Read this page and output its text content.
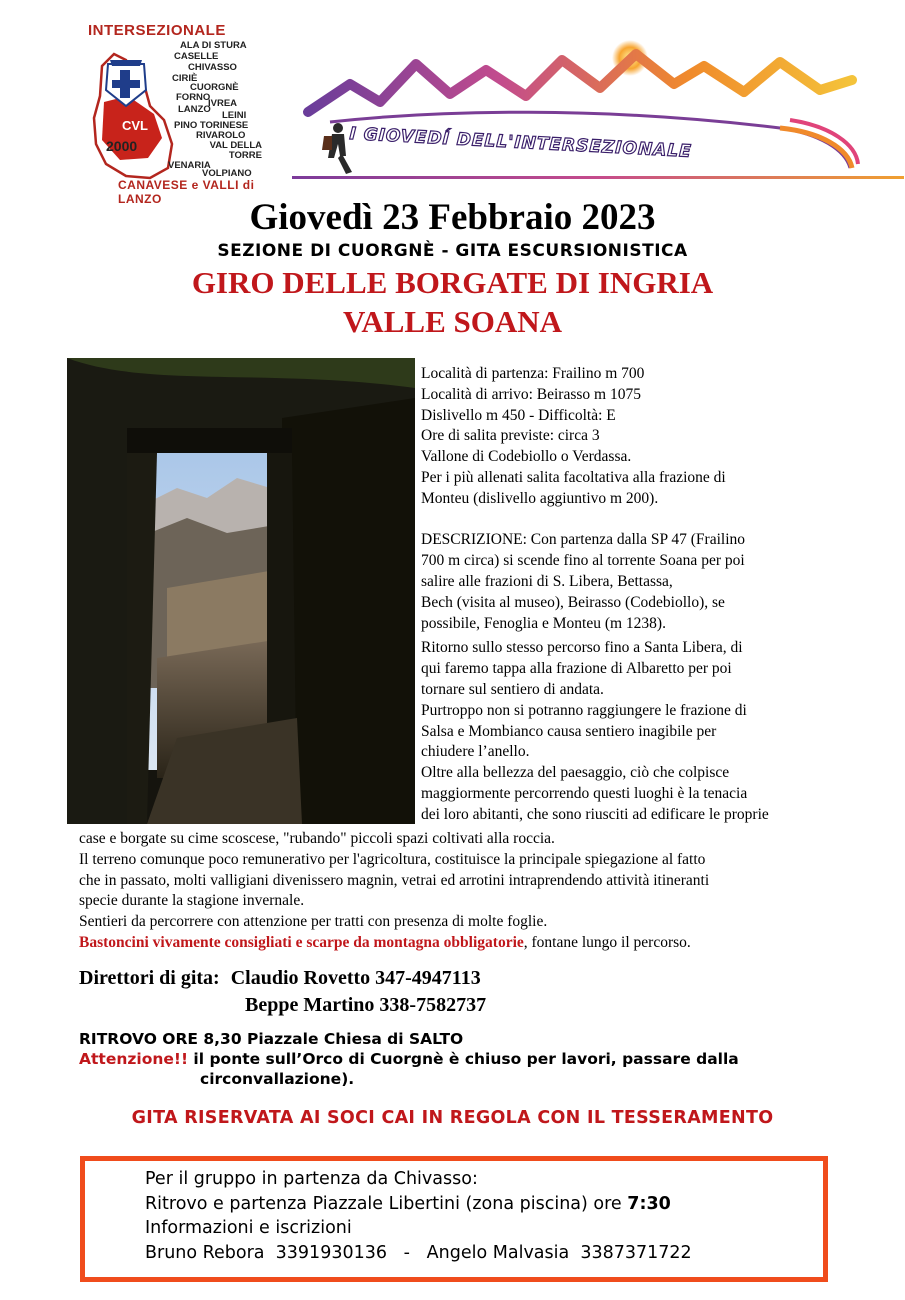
INTERSEZIONALE
ALA DI STURA
CASELLE
CHIVASSO
CIRIÈ
CUORGNÈ
FORNO
IVREA
LANZO
LEINI
PINO TORINESE
RIVAROLO
VAL DELLA TORRE
VENARIA
VOLPIANO
CVL
2000
CANAVESE e VALLI di LANZO
I GIOVEDÍ DELL'INTERSEZIONALE
Giovedì 23 Febbraio 2023
SEZIONE DI CUORGNÈ - GITA ESCURSIONISTICA
GIRO DELLE BORGATE DI INGRIA
VALLE SOANA
Località di partenza: Frailino m 700
Località di arrivo: Beirasso m 1075
Dislivello m 450 - Difficoltà: E
Ore di salita previste: circa 3
Vallone di Codebiollo o Verdassa.
Per i più allenati salita facoltativa alla frazione di
Monteu (dislivello aggiuntivo m 200).
DESCRIZIONE: Con partenza dalla SP 47 (Frailino
700 m circa) si scende fino al torrente Soana per poi
salire alle frazioni di S. Libera, Bettassa,
Bech (visita al museo), Beirasso (Codebiollo), se
possibile, Fenoglia e Monteu (m 1238).
Ritorno sullo stesso percorso fino a Santa Libera, di
qui faremo tappa alla frazione di Albaretto per poi
tornare sul sentiero di andata.
Purtroppo non si potranno raggiungere le frazione di
Salsa e Mombianco causa sentiero inagibile per
chiudere l’anello.
Oltre alla bellezza del paesaggio, ciò che colpisce
maggiormente percorrendo questi luoghi è la tenacia
dei loro abitanti, che sono riusciti ad edificare le proprie
case e borgate su cime scoscese, "rubando" piccoli spazi coltivati alla roccia.
Il terreno comunque poco remunerativo per l'agricoltura, costituisce la principale spiegazione al fatto
che in passato, molti valligiani divenissero magnin, vetrai ed arrotini intraprendendo attività itineranti
specie durante la stagione invernale.
Sentieri da percorrere con attenzione per tratti con presenza di molte foglie.
Bastoncini vivamente consigliati e scarpe da montagna obbligatorie, fontane lungo il percorso.
Direttori di gita: Claudio Rovetto 347-4947113
Beppe Martino 338-7582737
RITROVO ORE 8,30 Piazzale Chiesa di SALTO
Attenzione!! il ponte sull’Orco di Cuorgnè è chiuso per lavori, passare dalla
circonvallazione).
GITA RISERVATA AI SOCI CAI IN REGOLA CON IL TESSERAMENTO
Per il gruppo in partenza da Chivasso:
Ritrovo e partenza Piazzale Libertini (zona piscina) ore 7:30
Informazioni e iscrizioni
Bruno Rebora  3391930136   -   Angelo Malvasia  3387371722
